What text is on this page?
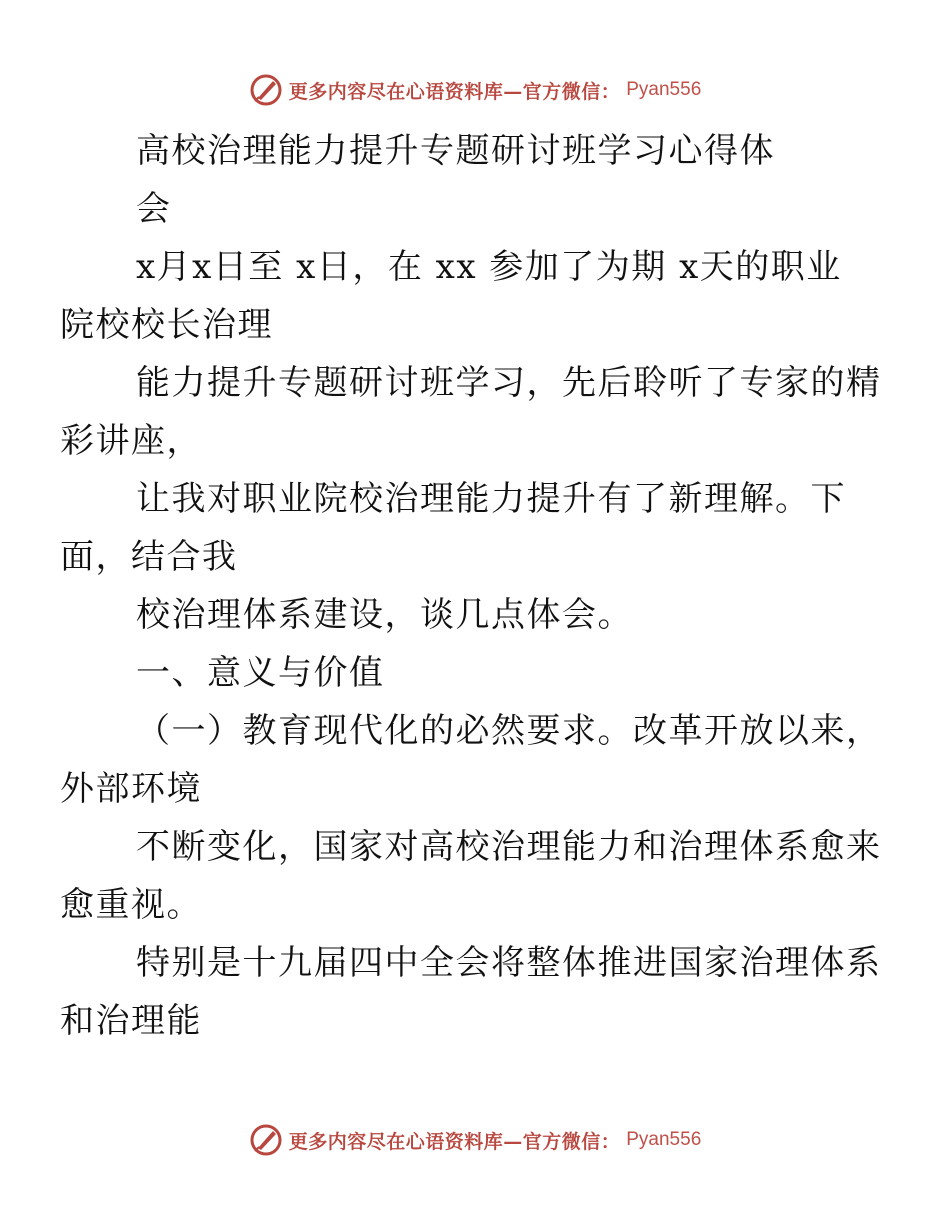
更多内容尽在心语资料库—官方微信： Pyan556

高校治理能力提升专题研讨班学习心得体
会

x月x日至 x日，在 xx 参加了为期 x天的职业
院校校长治理

能力提升专题研讨班学习，先后聆听了专家的精
彩讲座，

让我对职业院校治理能力提升有了新理解。下
面，结合我

校治理体系建设，谈几点体会。

一、意义与价值

（一）教育现代化的必然要求。改革开放以来，
外部环境

不断变化，国家对高校治理能力和治理体系愈来
愈重视。

特别是十九届四中全会将整体推进国家治理体系
和治理能

更多内容尽在心语资料库—官方微信： Pyan556
